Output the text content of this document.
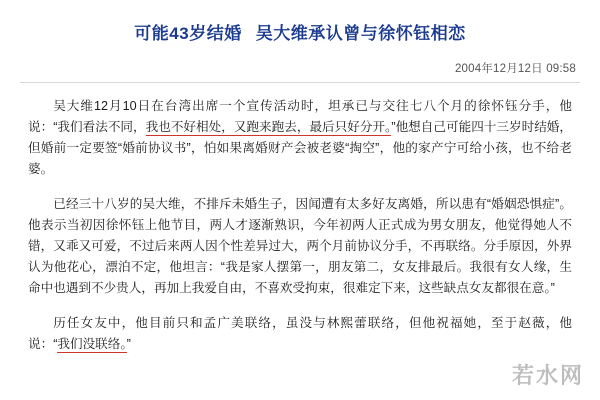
可能43岁结婚 吴大维承认曾与徐怀钰相恋
2004年12月12日 09:58

吴大维12月10日在台湾出席一个宣传活动时，坦承已与交往七八个月的徐怀钰分手，他说：“我们看法不同，我也不好相处，又跑来跑去，最后只好分开。”他想自己可能四十三岁时结婚，但婚前一定要签“婚前协议书”，怕如果离婚财产会被老婆“掏空”，他的家产宁可给小孩，也不给老婆。

已经三十八岁的吴大维，不排斥未婚生子，因闻遭有太多好友离婚，所以患有“婚姻恐惧症”。他表示当初因徐怀钰上他节目，两人才逐渐熟识，今年初两人正式成为男女朋友，他觉得她人不错，又乖又可爱，不过后来两人因个性差异过大，两个月前协议分手，不再联络。分手原因，外界认为他花心，漂泊不定，他坦言：“我是家人摆第一，朋友第二，女友排最后。我很有女人缘，生命中也遇到不少贵人，再加上我爱自由，不喜欢受拘束，很难定下来，这些缺点女友都很在意。”

历任女友中，他目前只和孟广美联络，虽没与林熙蕾联络，但他祝福她，至于赵薇，他说：“我们没联络。”

若水网
